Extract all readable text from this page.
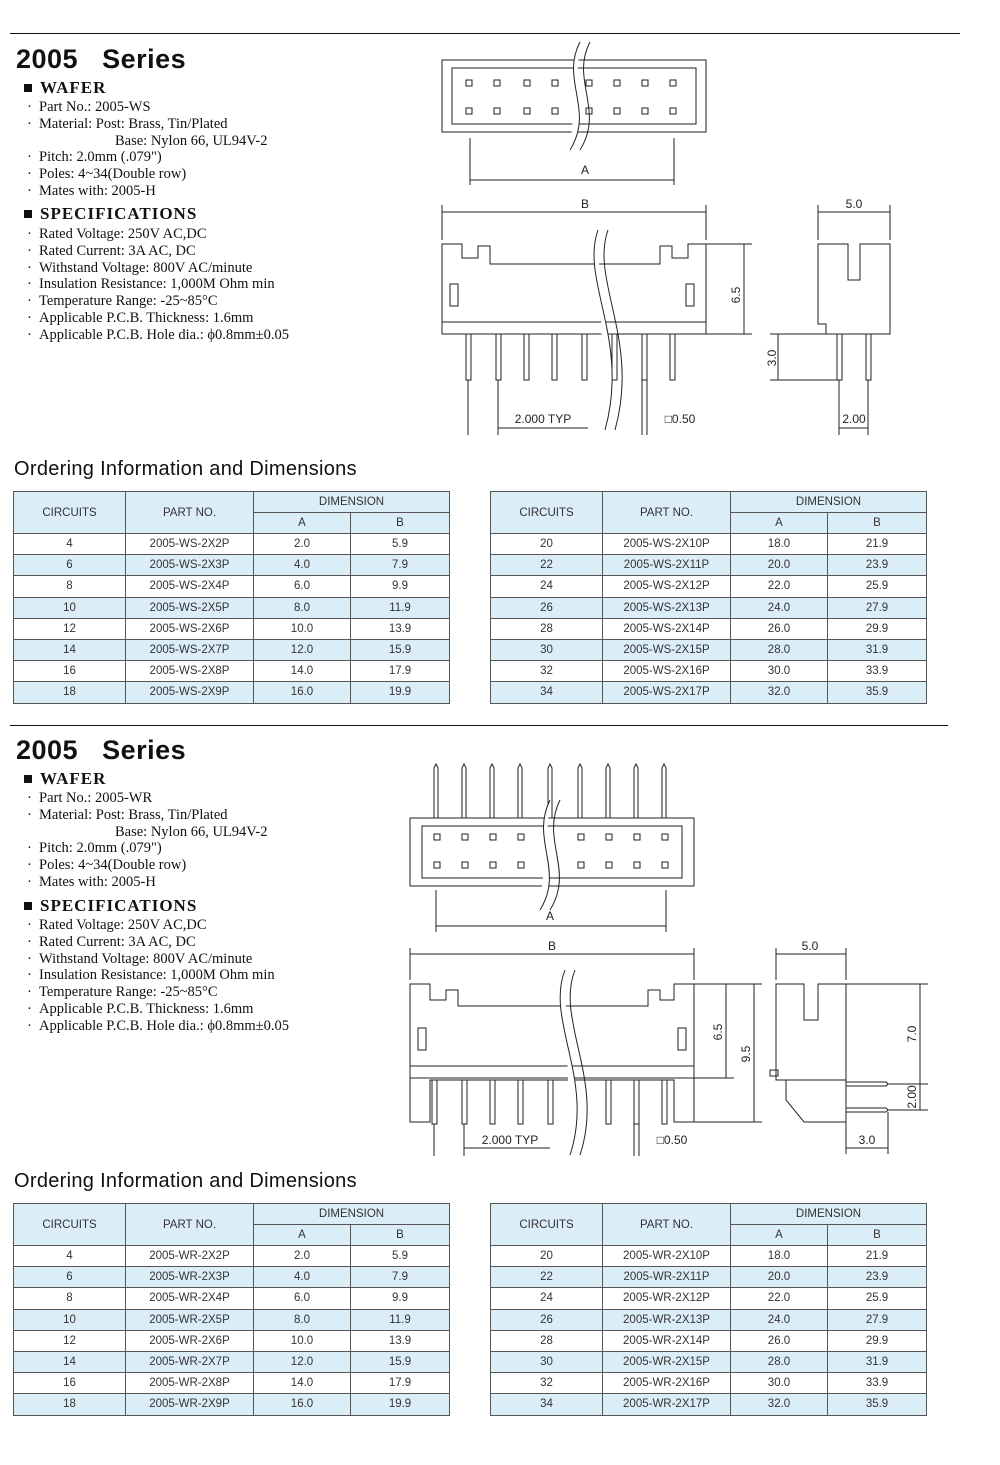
2005   Series
WAFER
· Part No.: 2005-WS
· Material: Post: Brass, Tin/Plated
Base: Nylon 66, UL94V-2
· Pitch: 2.0mm (.079")
· Poles: 4~34(Double row)
· Mates with: 2005-H
SPECIFICATIONS
· Rated Voltage: 250V AC,DC
· Rated Current: 3A AC, DC
· Withstand Voltage: 800V AC/minute
· Insulation Resistance: 1,000M Ohm min
· Temperature Range: -25~85°C
· Applicable P.C.B. Thickness: 1.6mm
· Applicable P.C.B. Hole dia.: ϕ0.8mm±0.05
A
B
6.5
2.000 TYP	□0.50
5.0
3.0
2.00
Ordering Information and Dimensions
CIRCUITS	PART NO.	DIMENSION	
		A	B
4	2005-WS-2X2P	2.0	5.9
6	2005-WS-2X3P	4.0	7.9
8	2005-WS-2X4P	6.0	9.9
10	2005-WS-2X5P	8.0	11.9
12	2005-WS-2X6P	10.0	13.9
14	2005-WS-2X7P	12.0	15.9
16	2005-WS-2X8P	14.0	17.9
18	2005-WS-2X9P	16.0	19.9
CIRCUITS	PART NO.	DIMENSION	
		A	B
20	2005-WS-2X10P	18.0	21.9
22	2005-WS-2X11P	20.0	23.9
24	2005-WS-2X12P	22.0	25.9
26	2005-WS-2X13P	24.0	27.9
28	2005-WS-2X14P	26.0	29.9
30	2005-WS-2X15P	28.0	31.9
32	2005-WS-2X16P	30.0	33.9
34	2005-WS-2X17P	32.0	35.9
2005   Series
WAFER
· Part No.: 2005-WR
· Material: Post: Brass, Tin/Plated
Base: Nylon 66, UL94V-2
· Pitch: 2.0mm (.079")
· Poles: 4~34(Double row)
· Mates with: 2005-H
SPECIFICATIONS
· Rated Voltage: 250V AC,DC
· Rated Current: 3A AC, DC
· Withstand Voltage: 800V AC/minute
· Insulation Resistance: 1,000M Ohm min
· Temperature Range: -25~85°C
· Applicable P.C.B. Thickness: 1.6mm
· Applicable P.C.B. Hole dia.: ϕ0.8mm±0.05
A
B
6.5
9.5
2.000 TYP	□0.50
5.0
7.0
2.00
3.0
Ordering Information and Dimensions
CIRCUITS	PART NO.	DIMENSION	
		A	B
4	2005-WR-2X2P	2.0	5.9
6	2005-WR-2X3P	4.0	7.9
8	2005-WR-2X4P	6.0	9.9
10	2005-WR-2X5P	8.0	11.9
12	2005-WR-2X6P	10.0	13.9
14	2005-WR-2X7P	12.0	15.9
16	2005-WR-2X8P	14.0	17.9
18	2005-WR-2X9P	16.0	19.9
CIRCUITS	PART NO.	DIMENSION	
		A	B
20	2005-WR-2X10P	18.0	21.9
22	2005-WR-2X11P	20.0	23.9
24	2005-WR-2X12P	22.0	25.9
26	2005-WR-2X13P	24.0	27.9
28	2005-WR-2X14P	26.0	29.9
30	2005-WR-2X15P	28.0	31.9
32	2005-WR-2X16P	30.0	33.9
34	2005-WR-2X17P	32.0	35.9
